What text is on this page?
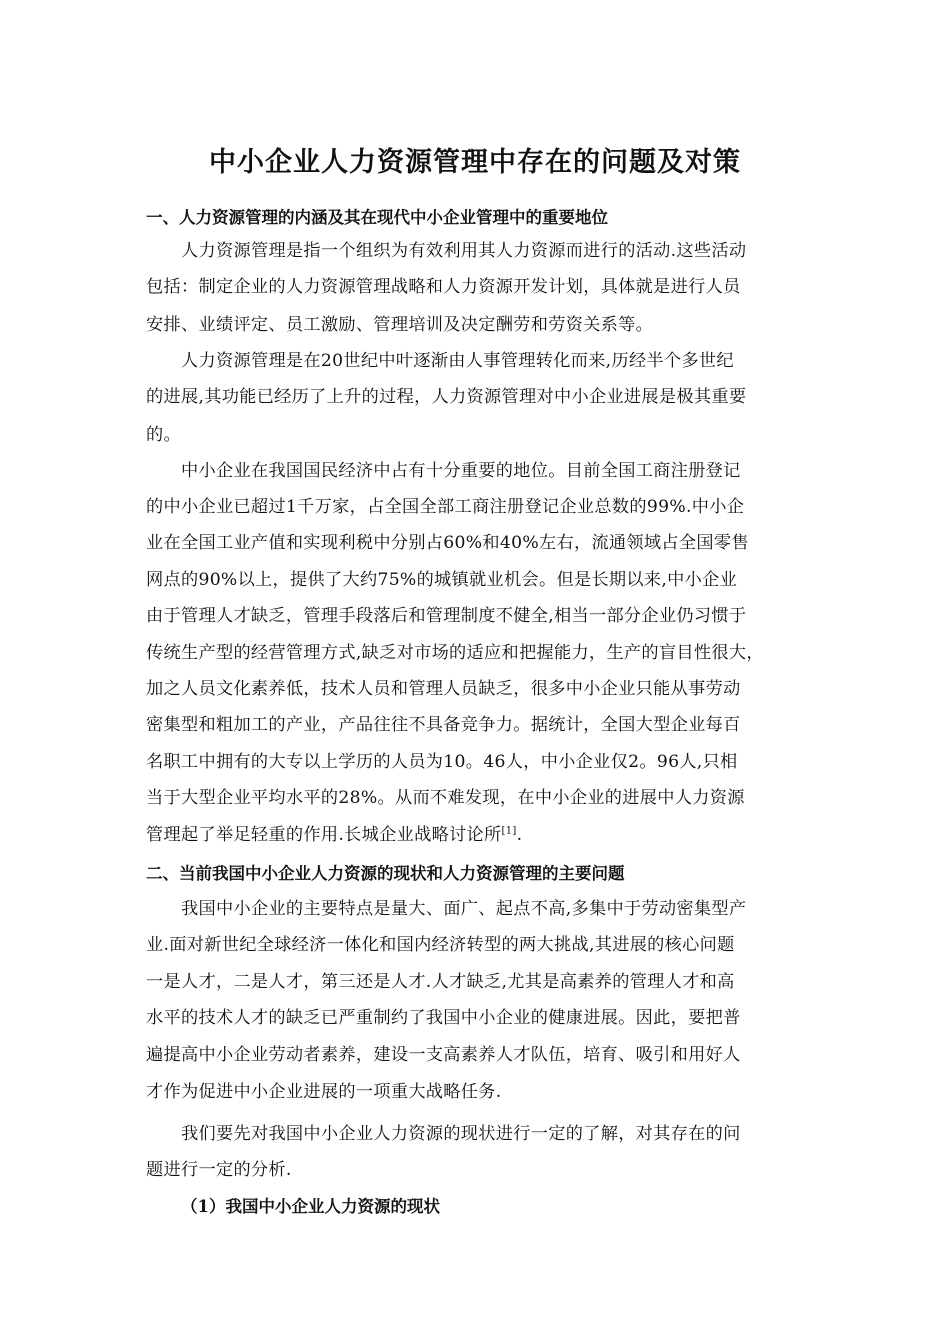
中小企业人力资源管理中存在的问题及对策
一、人力资源管理的内涵及其在现代中小企业管理中的重要地位
人力资源管理是指一个组织为有效利用其人力资源而进行的活动.这些活动
包括：制定企业的人力资源管理战略和人力资源开发计划，具体就是进行人员
安排、业绩评定、员工激励、管理培训及决定酬劳和劳资关系等。
人力资源管理是在20世纪中叶逐渐由人事管理转化而来,历经半个多世纪
的进展,其功能已经历了上升的过程，人力资源管理对中小企业进展是极其重要
的。
中小企业在我国国民经济中占有十分重要的地位。目前全国工商注册登记
的中小企业已超过1千万家，占全国全部工商注册登记企业总数的99%.中小企
业在全国工业产值和实现利税中分别占60%和40%左右，流通领域占全国零售
网点的90%以上，提供了大约75%的城镇就业机会。但是长期以来,中小企业
由于管理人才缺乏，管理手段落后和管理制度不健全,相当一部分企业仍习惯于
传统生产型的经营管理方式,缺乏对市场的适应和把握能力，生产的盲目性很大，
加之人员文化素养低，技术人员和管理人员缺乏，很多中小企业只能从事劳动
密集型和粗加工的产业，产品往往不具备竞争力。据统计，全国大型企业每百
名职工中拥有的大专以上学历的人员为10。46人，中小企业仅2。96人,只相
当于大型企业平均水平的28%。从而不难发现，在中小企业的进展中人力资源
管理起了举足轻重的作用.长城企业战略讨论所[1].
二、当前我国中小企业人力资源的现状和人力资源管理的主要问题
我国中小企业的主要特点是量大、面广、起点不高,多集中于劳动密集型产
业.面对新世纪全球经济一体化和国内经济转型的两大挑战,其进展的核心问题
一是人才，二是人才，第三还是人才.人才缺乏,尤其是高素养的管理人才和高
水平的技术人才的缺乏已严重制约了我国中小企业的健康进展。因此，要把普
遍提高中小企业劳动者素养，建设一支高素养人才队伍，培育、吸引和用好人
才作为促进中小企业进展的一项重大战略任务.
我们要先对我国中小企业人力资源的现状进行一定的了解，对其存在的问
题进行一定的分析.
（1）我国中小企业人力资源的现状
